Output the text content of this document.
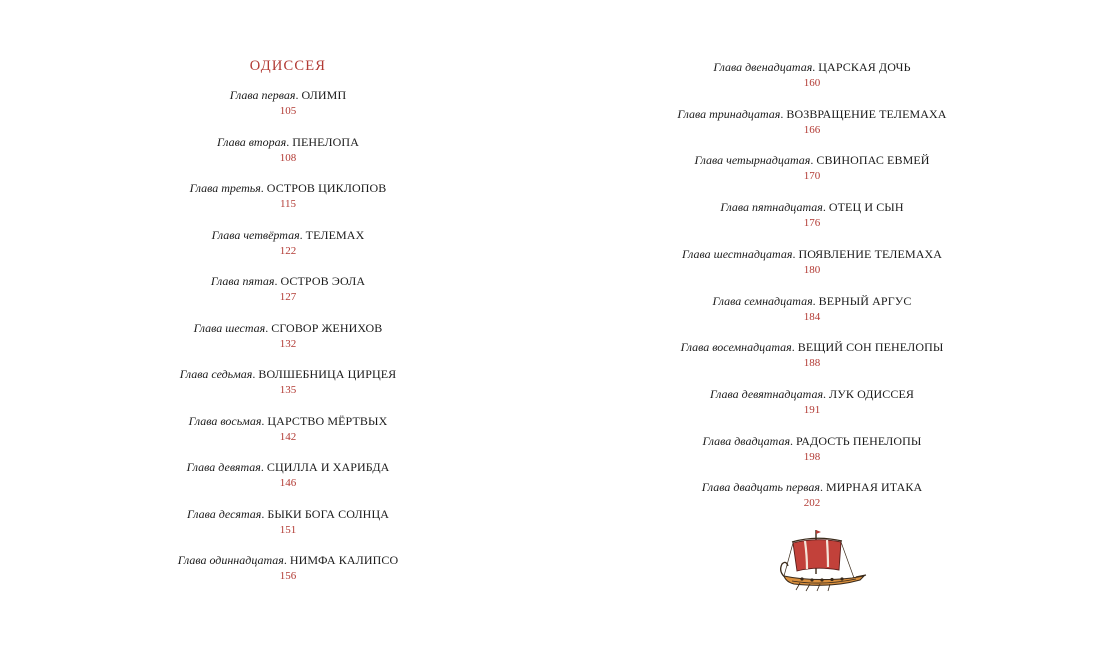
ОДИССЕЯ
Глава первая. ОЛИМП
105
Глава вторая. ПЕНЕЛОПА
108
Глава третья. ОСТРОВ ЦИКЛОПОВ
115
Глава четвёртая. ТЕЛЕМАХ
122
Глава пятая. ОСТРОВ ЭОЛА
127
Глава шестая. СГОВОР ЖЕНИХОВ
132
Глава седьмая. ВОЛШЕБНИЦА ЦИРЦЕЯ
135
Глава восьмая. ЦАРСТВО МЁРТВЫХ
142
Глава девятая. СЦИЛЛА И ХАРИБДА
146
Глава десятая. БЫКИ БОГА СОЛНЦА
151
Глава одиннадцатая. НИМФА КАЛИПСО
156
Глава двенадцатая. ЦАРСКАЯ ДОЧЬ
160
Глава тринадцатая. ВОЗВРАЩЕНИЕ ТЕЛЕМАХА
166
Глава четырнадцатая. СВИНОПАС ЕВМЕЙ
170
Глава пятнадцатая. ОТЕЦ И СЫН
176
Глава шестнадцатая. ПОЯВЛЕНИЕ ТЕЛЕМАХА
180
Глава семнадцатая. ВЕРНЫЙ АРГУС
184
Глава восемнадцатая. ВЕЩИЙ СОН ПЕНЕЛОПЫ
188
Глава девятнадцатая. ЛУК ОДИССЕЯ
191
Глава двадцатая. РАДОСТЬ ПЕНЕЛОПЫ
198
Глава двадцать первая. МИРНАЯ ИТАКА
202
